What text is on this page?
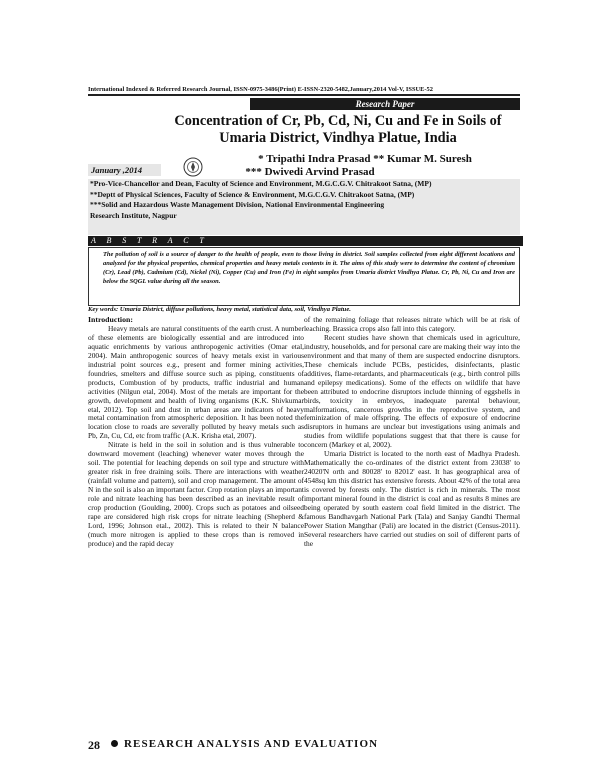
International Indexed & Referred Research Journal, ISSN-0975-3486(Print) E-ISSN-2320-5482,January,2014 Vol-V, ISSUE-52
Research Paper
Concentration of Cr, Pb, Cd, Ni, Cu and Fe in Soils of Umaria District, Vindhya Platue, India
January ,2014
* Tripathi Indra Prasad ** Kumar M. Suresh
*** Dwivedi Arvind Prasad
*Pro-Vice-Chancellor and Dean, Faculty of Science and Environment, M.G.C.G.V. Chitrakoot Satna, (MP)
**Deptt of Physical Sciences, Faculty of Science & Environment, M.G.C.G.V. Chitrakoot Satna, (MP)
***Solid and Hazardous Waste Management Division, National Environmental Engineering
Research Institute, Nagpur
A B S T R A C T
The pollution of soil is a source of danger to the health of people, even to those living in district. Soil samples collected from eight different locations and analyzed for the physical properties, chemical properties and heavy metals contents in it. The aims of this study were to determine the content of chromium (Cr), Lead (Pb), Cadmium (Cd), Nickel (Ni), Copper (Cu) and Iron (Fe) in eight samples from Umaria district Vindhya Platue. Cr, Pb, Ni, Cu and Iron are below the SQGL value during all the season.
Key words: Umaria District, diffuse pollutions, heavy metal, statistical data, soil, Vindhya Platue.
Introduction:

Heavy metals are natural constituents of the earth crust. A number of these elements are biologically essential and are introduced into aquatic enrichments by various anthropogenic activities (Omar etal, 2004). Main anthropogenic sources of heavy metals exist in various industrial point sources e.g., present and former mining activities, foundries, smelters and diffuse source such as piping, constituents of products, Combustion of by products, traffic industrial and human activities (Nilgun etal, 2004). Most of the metals are important for the growth, development and health of living organisms (K.K. Shivkumar etal, 2012). Top soil and dust in urban areas are indicators of heavy metal contamination from atmospheric deposition. It has been noted the location close to roads are severally polluted by heavy metals such as Pb, Zn, Cu, Cd, etc from traffic (A.K. Krisha etal, 2007).

Nitrate is held in the soil in solution and is thus vulnerable to downward movement (leaching) whenever water moves through the soil. The potential for leaching depends on soil type and structure with greater risk in free draining soils. There are interactions with weather (rainfall volume and pattern), soil and crop management. The amount of N in the soil is also an important factor. Crop rotation plays an important role and nitrate leaching has been described as an inevitable result of crop production (Goulding, 2000). Crops such as potatoes and oilseed rape are considered high risk crops for nitrate leaching (Shepherd & Lord, 1996; Johnson etal., 2002). This is related to their N balance (much more nitrogen is applied to these crops than is removed in produce) and the rapid decay

of the remaining foliage that releases nitrate which will be at risk of leaching. Brassica crops also fall into this category.

Recent studies have shown that chemicals used in agriculture, industry, households, and for personal care are making their way into the environment and that many of them are suspected endocrine disruptors. These chemicals include PCBs, pesticides, disinfectants, plastic additives, flame-retardants, and pharmaceuticals (e.g., birth control pills and epilepsy medications). Some of the effects on wildlife that have been attributed to endocrine disruptors include thinning of eggshells in birds, toxicity in embryos, inadequate parental behaviour, malformations, cancerous growths in the reproductive system, and feminization of male offspring. The effects of exposure of endocrine disruptors in humans are unclear but investigations using animals and studies from wildlife populations suggest that that there is cause for concern (Markey et al, 2002).

Umaria District is located to the north east of Madhya Pradesh. Mathematically the co-ordinates of the district extent from 23038' to 24020'N orth and 80028' to 82012' east. It has geographical area of 4548sq km this district has extensive forests. About 42% of the total area is covered by forests only. The district is rich in minerals. The most important mineral found in the district is coal and as results 8 mines are being operated by south eastern coal field limited in the district. The famous Bandhavgarh National Park (Tala) and Sanjay Gandhi Thermal Power Station Mangthar (Pali) are located in the district (Census-2011). Several researchers have carried out studies on soil of different parts of the

28 RESEARCH ANALYSIS AND EVALUATION
